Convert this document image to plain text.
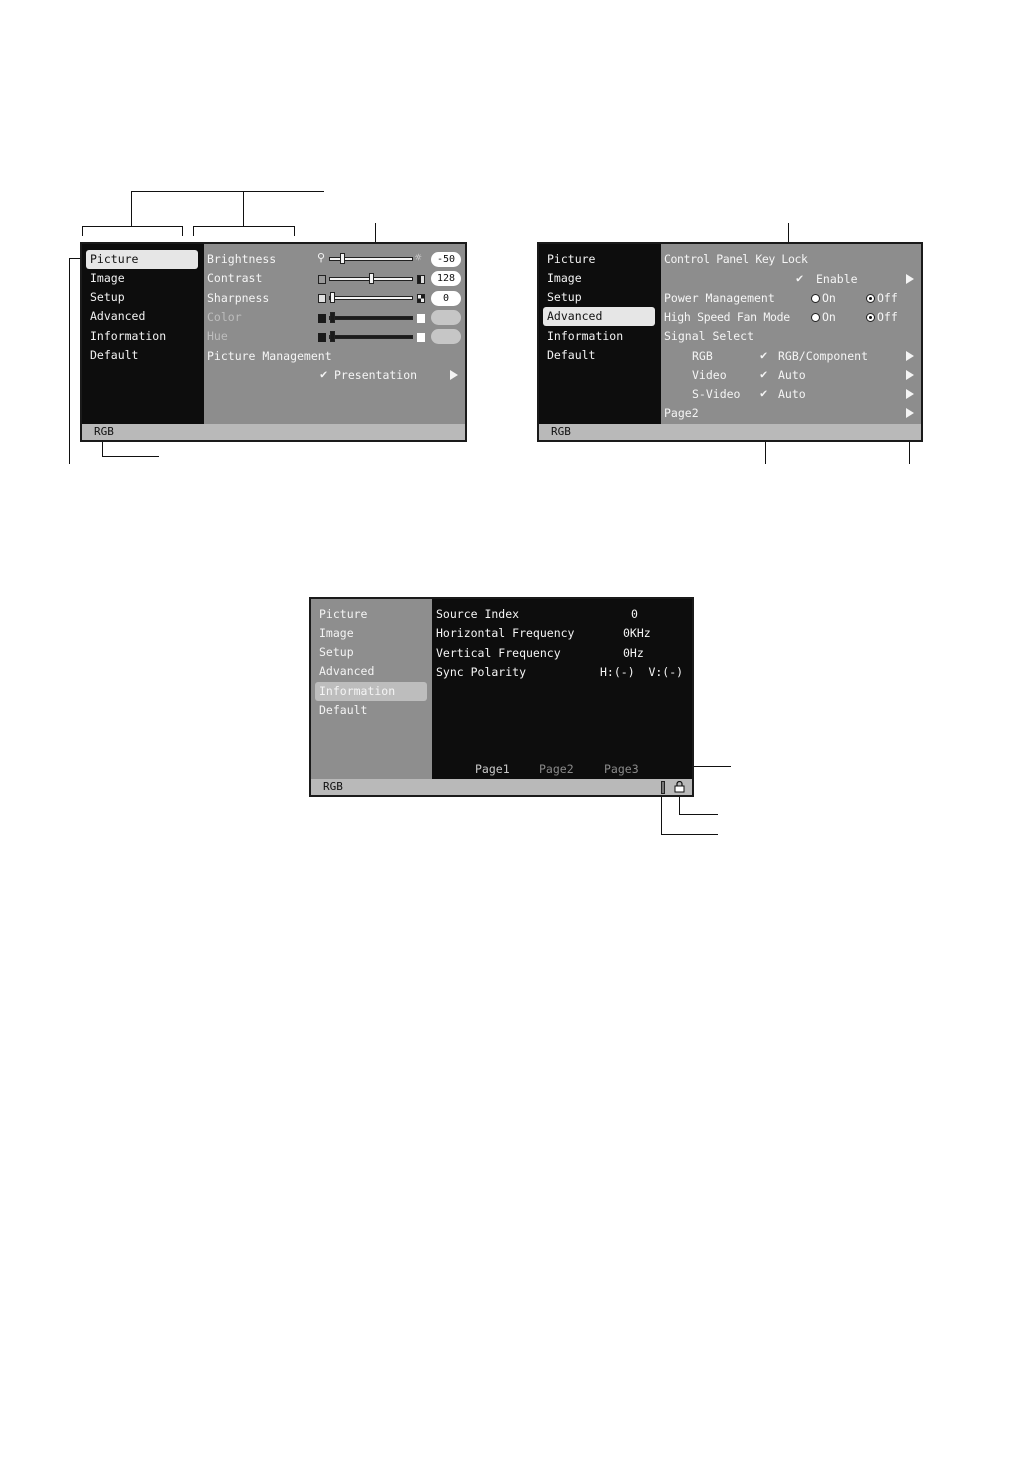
Picture
Image
Setup
Advanced
Information
Default
Brightness	⚲	☼	-50
Contrast	128
Sharpness	0
Color
Hue
Picture Management
✔ Presentation
RGB
Picture
Image
Setup
Advanced
Information
Default
Control Panel Key Lock
✔ Enable
Power Management	On	Off
High Speed Fan Mode	On	Off
Signal Select
RGB	✔ RGB/Component
Video	✔ Auto
S-Video ✔ Auto
Page2
RGB
Picture
Image
Setup
Advanced
Information
Default
Source Index	0
Horizontal Frequency	0KHz
Vertical Frequency	0Hz
Sync Polarity	H:(-)  V:(-)
Page1	Page2	Page3
RGB
